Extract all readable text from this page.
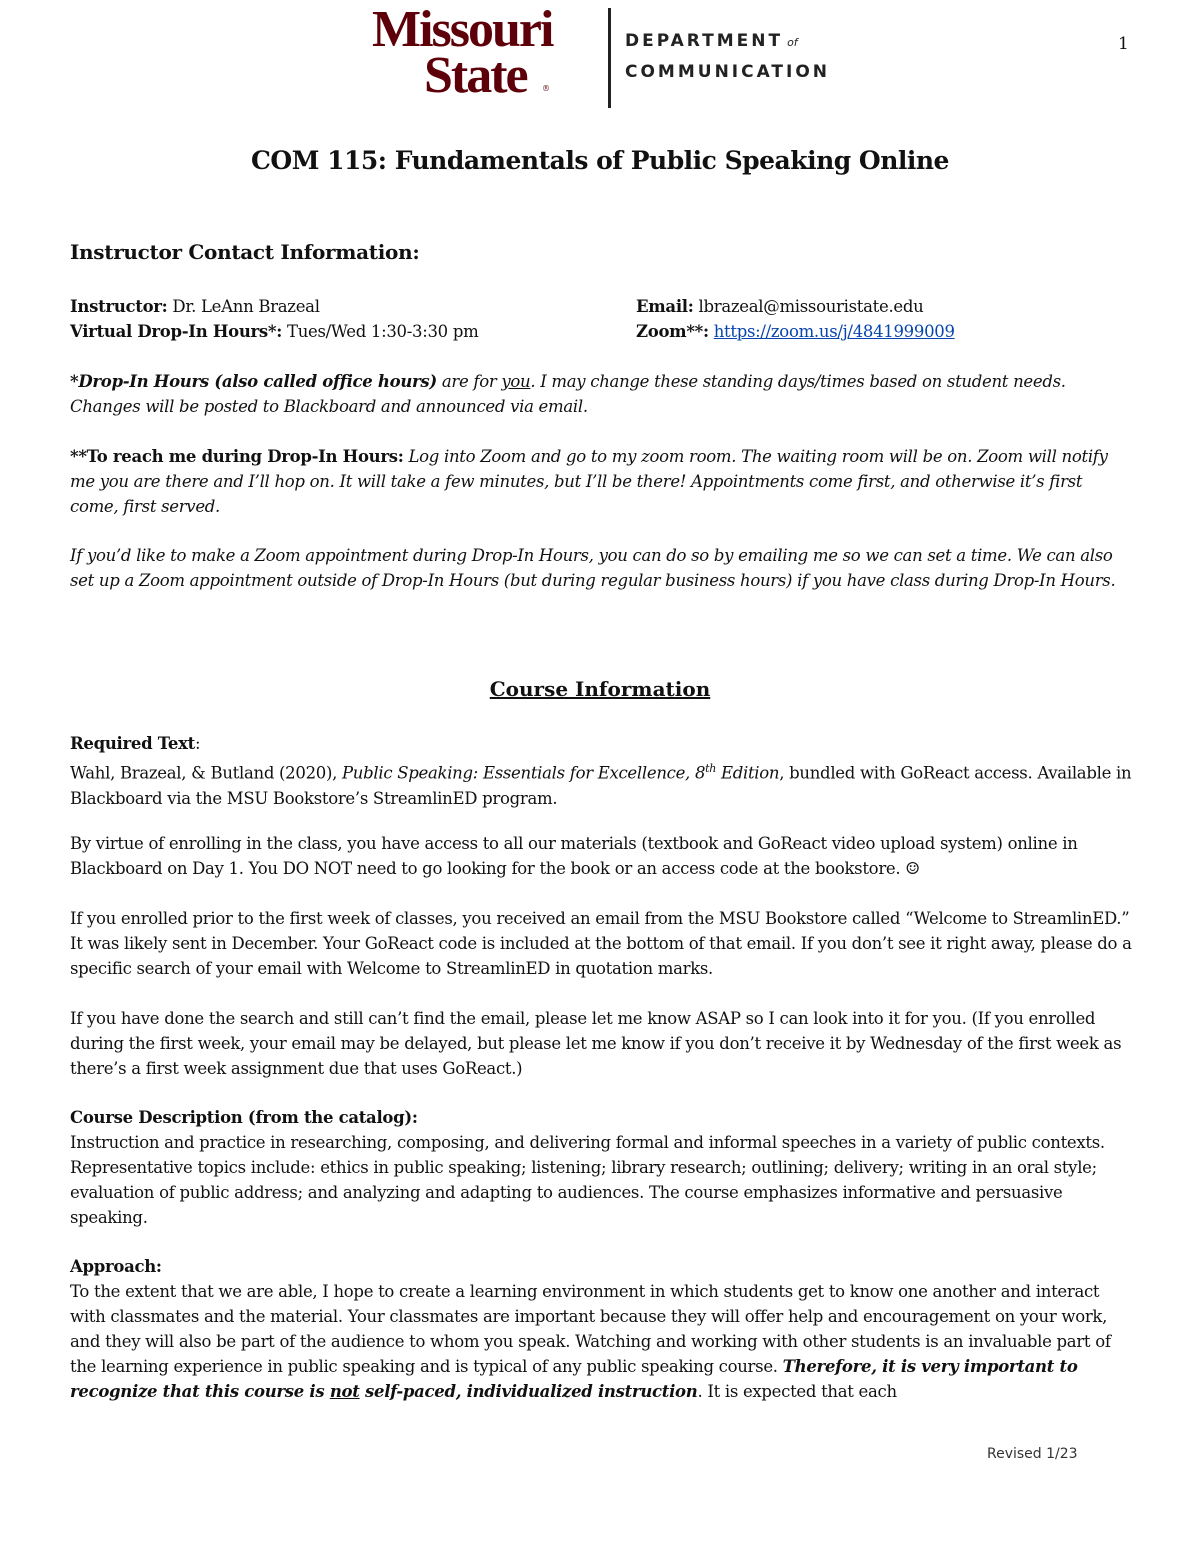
Missouri
State ®
DEPARTMENT of
COMMUNICATION
1
COM 115: Fundamentals of Public Speaking Online
Instructor Contact Information:
Instructor: Dr. LeAnn Brazeal
Virtual Drop-In Hours*: Tues/Wed 1:30-3:30 pm
Email: lbrazeal@missouristate.edu
Zoom**: https://zoom.us/j/4841999009
*Drop-In Hours (also called office hours) are for you. I may change these standing days/times based on student needs. Changes will be posted to Blackboard and announced via email.
**To reach me during Drop-In Hours: Log into Zoom and go to my zoom room. The waiting room will be on. Zoom will notify me you are there and I’ll hop on. It will take a few minutes, but I’ll be there! Appointments come first, and otherwise it’s first come, first served.
If you’d like to make a Zoom appointment during Drop-In Hours, you can do so by emailing me so we can set a time. We can also set up a Zoom appointment outside of Drop-In Hours (but during regular business hours) if you have class during Drop-In Hours.
Course Information
Required Text:
Wahl, Brazeal, & Butland (2020), Public Speaking: Essentials for Excellence, 8th Edition, bundled with GoReact access. Available in Blackboard via the MSU Bookstore’s StreamlinED program.
By virtue of enrolling in the class, you have access to all our materials (textbook and GoReact video upload system) online in Blackboard on Day 1. You DO NOT need to go looking for the book or an access code at the bookstore. ☺
If you enrolled prior to the first week of classes, you received an email from the MSU Bookstore called “Welcome to StreamlinED.” It was likely sent in December. Your GoReact code is included at the bottom of that email. If you don’t see it right away, please do a specific search of your email with Welcome to StreamlinED in quotation marks.
If you have done the search and still can’t find the email, please let me know ASAP so I can look into it for you. (If you enrolled during the first week, your email may be delayed, but please let me know if you don’t receive it by Wednesday of the first week as there’s a first week assignment due that uses GoReact.)
Course Description (from the catalog):
Instruction and practice in researching, composing, and delivering formal and informal speeches in a variety of public contexts. Representative topics include: ethics in public speaking; listening; library research; outlining; delivery; writing in an oral style; evaluation of public address; and analyzing and adapting to audiences. The course emphasizes informative and persuasive speaking.
Approach:
To the extent that we are able, I hope to create a learning environment in which students get to know one another and interact with classmates and the material. Your classmates are important because they will offer help and encouragement on your work, and they will also be part of the audience to whom you speak. Watching and working with other students is an invaluable part of the learning experience in public speaking and is typical of any public speaking course. Therefore, it is very important to recognize that this course is not self-paced, individualized instruction. It is expected that each
Revised 1/23
